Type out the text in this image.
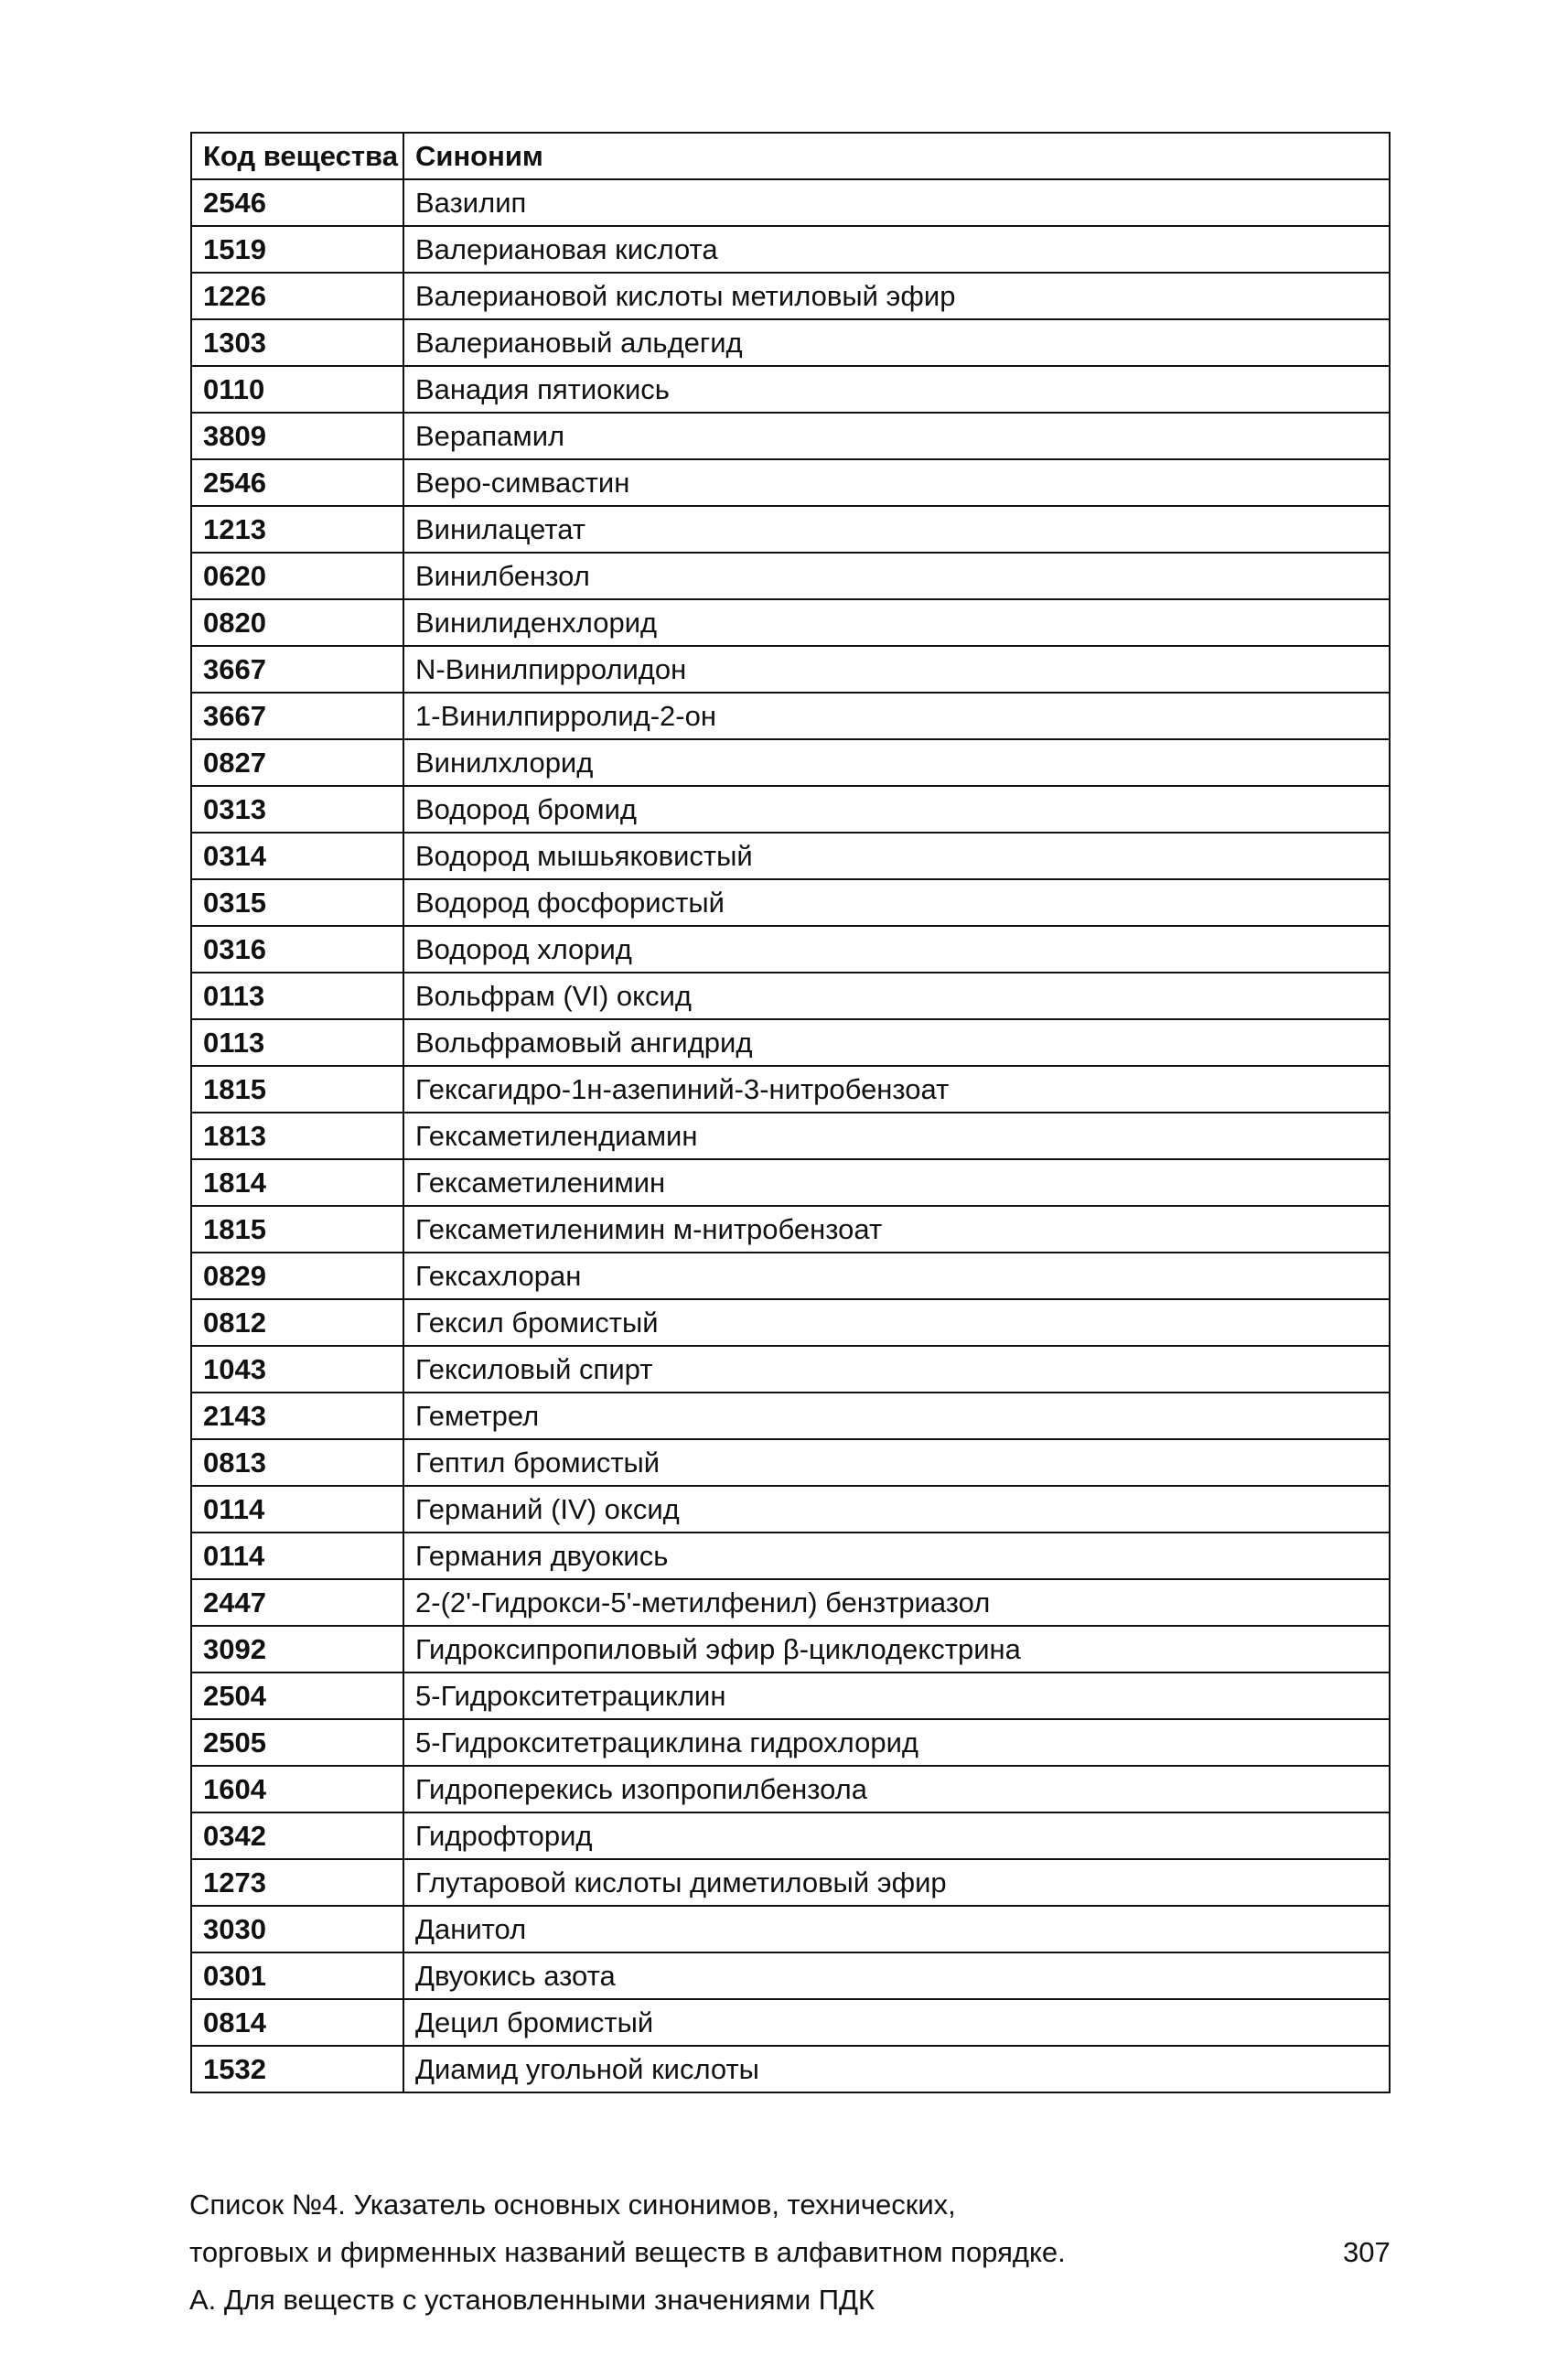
Код вещества	Синоним
2546	Вазилип
1519	Валериановая кислота
1226	Валериановой кислоты метиловый эфир
1303	Валериановый альдегид
0110	Ванадия пятиокись
3809	Верапамил
2546	Веро-симвастин
1213	Винилацетат
0620	Винилбензол
0820	Винилиденхлорид
3667	N-Винилпирролидон
3667	1-Винилпирролид-2-он
0827	Винилхлорид
0313	Водород бромид
0314	Водород мышьяковистый
0315	Водород фосфористый
0316	Водород хлорид
0113	Вольфрам (VI) оксид
0113	Вольфрамовый ангидрид
1815	Гексагидро-1н-азепиний-3-нитробензоат
1813	Гексаметилендиамин
1814	Гексаметиленимин
1815	Гексаметиленимин м-нитробензоат
0829	Гексахлоран
0812	Гексил бромистый
1043	Гексиловый спирт
2143	Геметрел
0813	Гептил бромистый
0114	Германий (IV) оксид
0114	Германия двуокись
2447	2-(2'-Гидрокси-5'-метилфенил) бензтриазол
3092	Гидроксипропиловый эфир β-циклодекстрина
2504	5-Гидрокситетрациклин
2505	5-Гидрокситетрациклина гидрохлорид
1604	Гидроперекись изопропилбензола
0342	Гидрофторид
1273	Глутаровой кислоты диметиловый эфир
3030	Данитол
0301	Двуокись азота
0814	Децил бромистый
1532	Диамид угольной кислоты
Список №4. Указатель основных синонимов, технических,
торговых и фирменных названий веществ в алфавитном порядке.
А. Для веществ с установленными значениями ПДК
307
